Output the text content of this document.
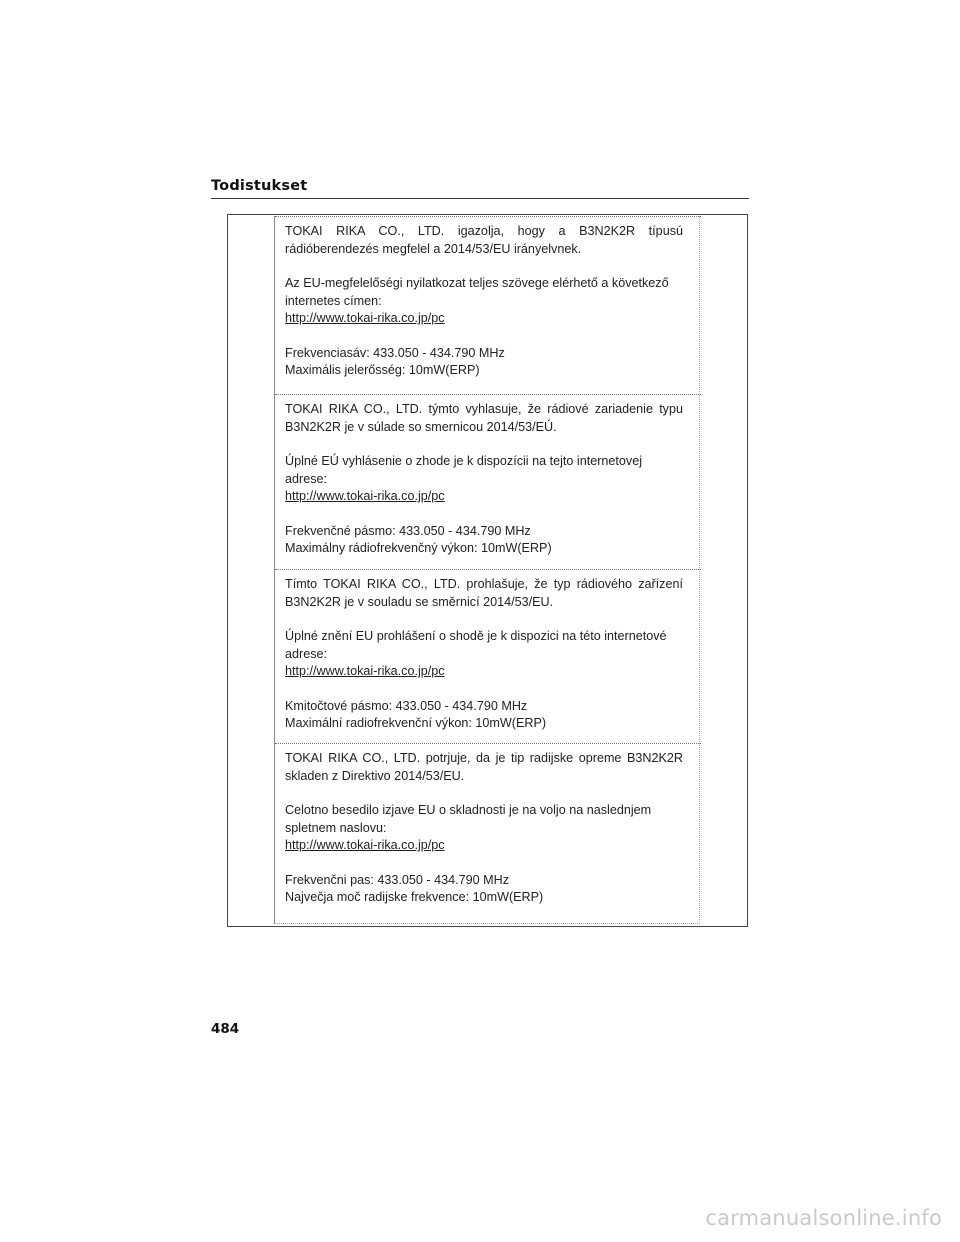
Todistukset

TOKAI RIKA CO., LTD. igazolja, hogy a B3N2K2R típusú rádióberendezés megfelel a 2014/53/EU irányelvnek.

Az EU-megfelelőségi nyilatkozat teljes szövege elérhető a következő internetes címen:

http://www.tokai-rika.co.jp/pc

Frekvenciasáv: 433.050 - 434.790 MHz

Maximális jelerősség: 10mW(ERP)

TOKAI RIKA CO., LTD. týmto vyhlasuje, že rádiové zariadenie typu B3N2K2R je v súlade so smernicou 2014/53/EÚ.

Úplné EÚ vyhlásenie o zhode je k dispozícii na tejto internetovej adrese:

http://www.tokai-rika.co.jp/pc

Frekvenčné pásmo: 433.050 - 434.790 MHz

Maximálny rádiofrekvenčný výkon: 10mW(ERP)

Tímto TOKAI RIKA CO., LTD. prohlašuje, že typ rádiového zařízení B3N2K2R je v souladu se směrnicí 2014/53/EU.

Úplné znění EU prohlášení o shodě je k dispozici na této internetové adrese:

http://www.tokai-rika.co.jp/pc

Kmitočtové pásmo: 433.050 - 434.790 MHz

Maximální radiofrekvenční výkon: 10mW(ERP)

TOKAI RIKA CO., LTD. potrjuje, da je tip radijske opreme B3N2K2R skladen z Direktivo 2014/53/EU.

Celotno besedilo izjave EU o skladnosti je na voljo na naslednjem spletnem naslovu:

http://www.tokai-rika.co.jp/pc

Frekvenčni pas: 433.050 - 434.790 MHz

Največja moč radijske frekvence: 10mW(ERP)

484
carmanualsonline.info
